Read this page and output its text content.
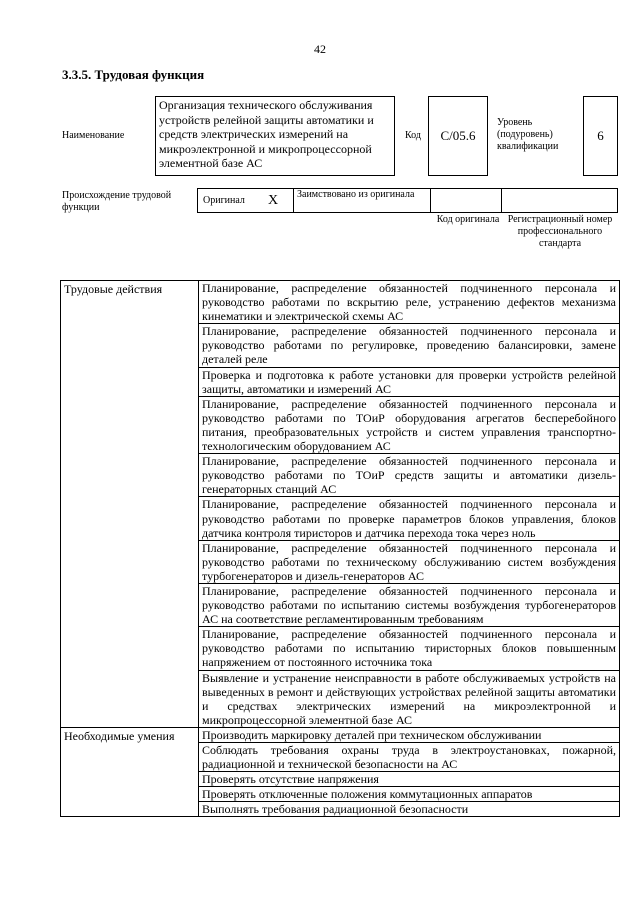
42
3.3.5. Трудовая функция
Наименование
Организация технического обслуживания устройств релейной защиты автоматики и средств электрических измерений на микроэлектронной и микропроцессорной элементной базе АС
Код	С/05.6
Уровень (подуровень) квалификации
6
Происхождение трудовой функции
Оригинал X Заимствовано из оригинала
Код оригинала Регистрационный номер профессионального стандарта
Трудовые действия	Планирование, распределение обязанностей подчиненного персонала и руководство работами по вскрытию реле, устранению дефектов механизма кинематики и электрической схемы АС
	Планирование, распределение обязанностей подчиненного персонала и руководство работами по регулировке, проведению балансировки, замене деталей реле
	Проверка и подготовка к работе установки для проверки устройств релейной защиты, автоматики и измерений АС
	Планирование, распределение обязанностей подчиненного персонала и руководство работами по ТОиР оборудования агрегатов бесперебойного питания, преобразовательных устройств и систем управления транспортно-технологическим оборудованием АС
	Планирование, распределение обязанностей подчиненного персонала и руководство работами по ТОиР средств защиты и автоматики дизель-генераторных станций АС
	Планирование, распределение обязанностей подчиненного персонала и руководство работами по проверке параметров блоков управления, блоков датчика контроля тиристоров и датчика перехода тока через ноль
	Планирование, распределение обязанностей подчиненного персонала и руководство работами по техническому обслуживанию систем возбуждения турбогенераторов и дизель-генераторов АС
	Планирование, распределение обязанностей подчиненного персонала и руководство работами по испытанию системы возбуждения турбогенераторов АС на соответствие регламентированным требованиям
	Планирование, распределение обязанностей подчиненного персонала и руководство работами по испытанию тиристорных блоков повышенным напряжением от постоянного источника тока
	Выявление и устранение неисправности в работе обслуживаемых устройств на выведенных в ремонт и действующих устройствах релейной защиты автоматики и средствах электрических измерений на микроэлектронной и микропроцессорной элементной базе АС
Необходимые умения	Производить маркировку деталей при техническом обслуживании
	Соблюдать требования охраны труда в электроустановках, пожарной, радиационной и технической безопасности на АС
	Проверять отсутствие напряжения
	Проверять отключенные положения коммутационных аппаратов
	Выполнять требования радиационной безопасности
